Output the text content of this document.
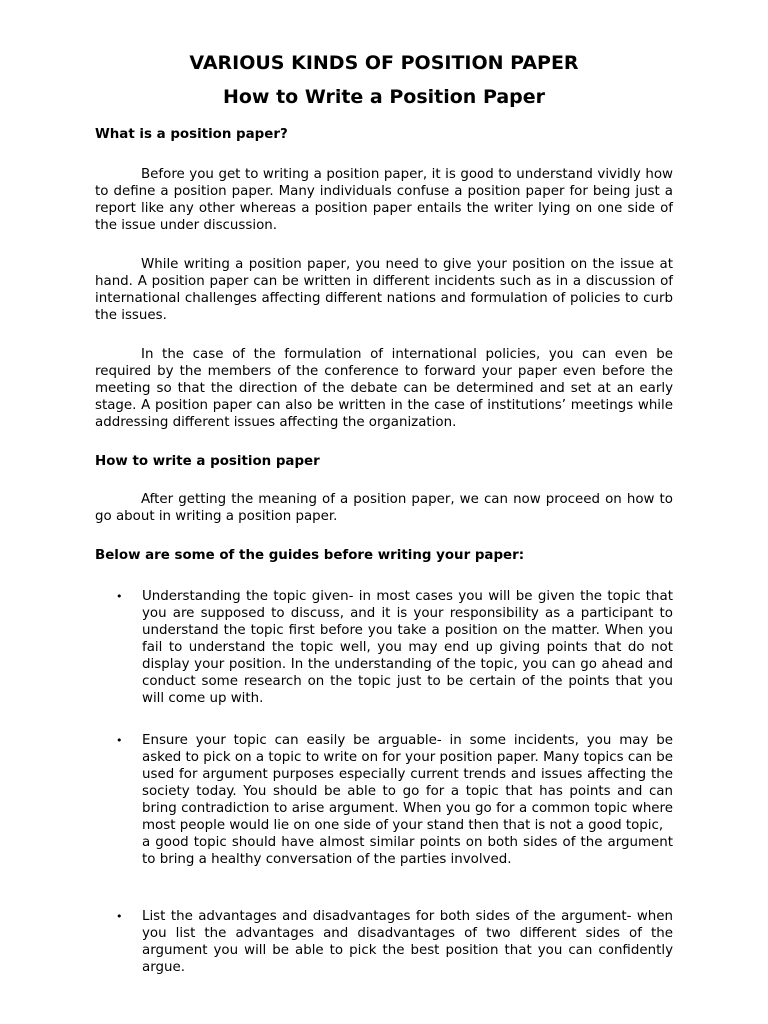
VARIOUS KINDS OF POSITION PAPER
How to Write a Position Paper

What is a position paper?

Before you get to writing a position paper, it is good to understand vividly how to define a position paper. Many individuals confuse a position paper for being just a report like any other whereas a position paper entails the writer lying on one side of the issue under discussion.

While writing a position paper, you need to give your position on the issue at hand. A position paper can be written in different incidents such as in a discussion of international challenges affecting different nations and formulation of policies to curb the issues.

In the case of the formulation of international policies, you can even be required by the members of the conference to forward your paper even before the meeting so that the direction of the debate can be determined and set at an early stage. A position paper can also be written in the case of institutions’ meetings while addressing different issues affecting the organization.

How to write a position paper

After getting the meaning of a position paper, we can now proceed on how to go about in writing a position paper.

Below are some of the guides before writing your paper:

• Understanding the topic given- in most cases you will be given the topic that you are supposed to discuss, and it is your responsibility as a participant to understand the topic first before you take a position on the matter. When you fail to understand the topic well, you may end up giving points that do not display your position. In the understanding of the topic, you can go ahead and conduct some research on the topic just to be certain of the points that you will come up with.

• Ensure your topic can easily be arguable- in some incidents, you may be asked to pick on a topic to write on for your position paper. Many topics can be used for argument purposes especially current trends and issues affecting the society today. You should be able to go for a topic that has points and can bring contradiction to arise argument. When you go for a common topic where most people would lie on one side of your stand then that is not a good topic,

a good topic should have almost similar points on both sides of the argument to bring a healthy conversation of the parties involved.

• List the advantages and disadvantages for both sides of the argument- when you list the advantages and disadvantages of two different sides of the argument you will be able to pick the best position that you can confidently argue.
